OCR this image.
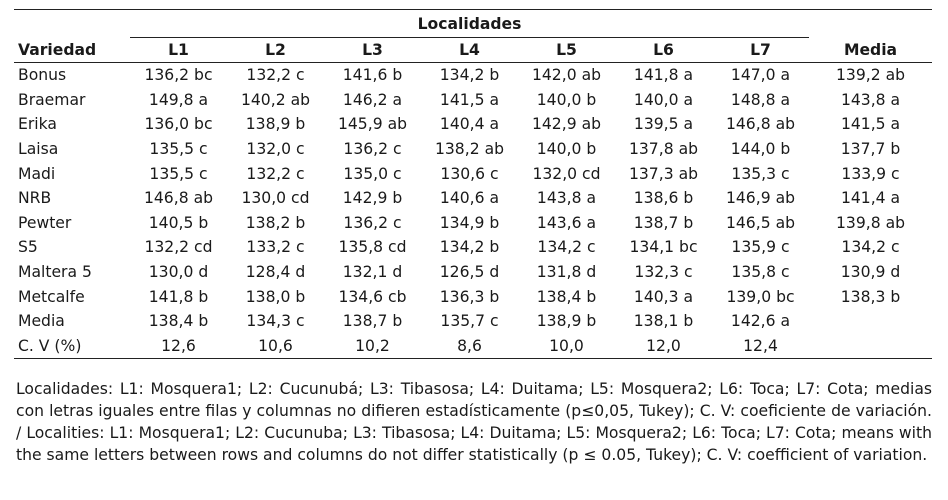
	Localidades							
Variedad	L1	L2	L3	L4	L5	L6	L7	Media
Bonus	136,2 bc	132,2 c	141,6 b	134,2 b	142,0 ab	141,8 a	147,0 a	139,2 ab
Braemar	149,8 a	140,2 ab	146,2 a	141,5 a	140,0 b	140,0 a	148,8 a	143,8 a
Erika	136,0 bc	138,9 b	145,9 ab	140,4 a	142,9 ab	139,5 a	146,8 ab	141,5 a
Laisa	135,5 c	132,0 c	136,2 c	138,2 ab	140,0 b	137,8 ab	144,0 b	137,7 b
Madi	135,5 c	132,2 c	135,0 c	130,6 c	132,0 cd	137,3 ab	135,3 c	133,9 c
NRB	146,8 ab	130,0 cd	142,9 b	140,6 a	143,8 a	138,6 b	146,9 ab	141,4 a
Pewter	140,5 b	138,2 b	136,2 c	134,9 b	143,6 a	138,7 b	146,5 ab	139,8 ab
S5	132,2 cd	133,2 c	135,8 cd	134,2 b	134,2 c	134,1 bc	135,9 c	134,2 c
Maltera 5	130,0 d	128,4 d	132,1 d	126,5 d	131,8 d	132,3 c	135,8 c	130,9 d
Metcalfe	141,8 b	138,0 b	134,6 cb	136,3 b	138,4 b	140,3 a	139,0 bc	138,3 b
Media	138,4 b	134,3 c	138,7 b	135,7 c	138,9 b	138,1 b	142,6 a	
C. V (%)	12,6	10,6	10,2	8,6	10,0	12,0	12,4	

Localidades: L1: Mosquera1; L2: Cucunubá; L3: Tibasosa; L4: Duitama; L5: Mosquera2; L6: Toca; L7: Cota; medias con letras iguales entre filas y columnas no difieren estadísticamente (p≤0,05, Tukey); C. V: coeficiente de variación. / Localities: L1: Mosquera1; L2: Cucunuba; L3: Tibasosa; L4: Duitama; L5: Mosquera2; L6: Toca; L7: Cota; means with the same letters between rows and columns do not differ statistically (p ≤ 0.05, Tukey); C. V: coefficient of variation.
